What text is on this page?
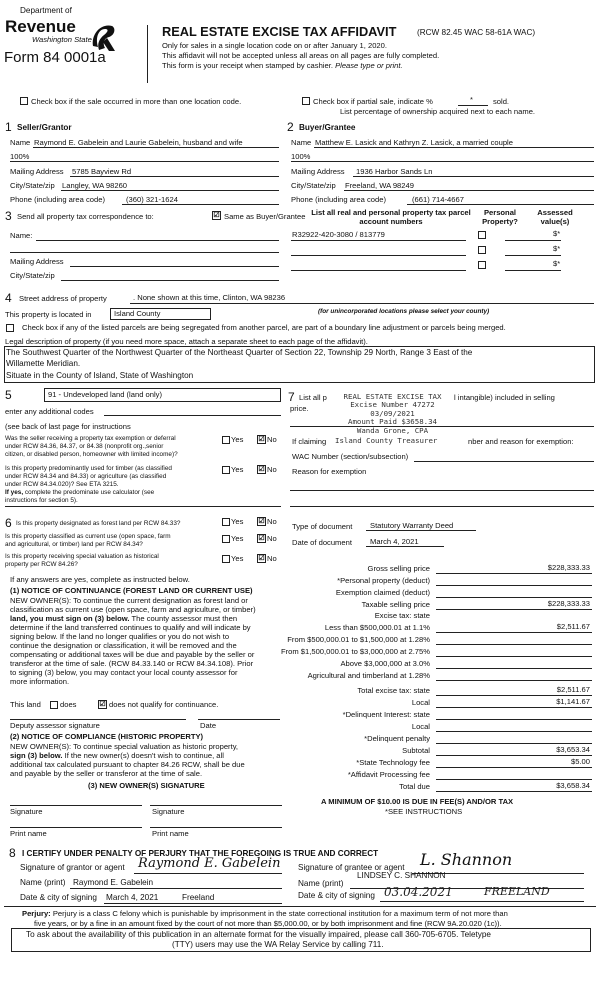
Department of
Revenue
Washington State
Form 84 0001a
REAL ESTATE EXCISE TAX AFFIDAVIT	(RCW 82.45 WAC 58-61A WAC)
Only for sales in a single location code on or after January 1, 2020.
This affidavit will not be accepted unless all areas on all pages are fully completed.
This form is your receipt when stamped by cashier. Please type or print.
Check box if the sale occurred in more than one location code.	Check box if partial sale, indicate %	*	sold.
List percentage of ownership acquired next to each name.
1 Seller/Grantor
Name Raymond E. Gabelein and Laurie Gabelein, husband and wife
100%
Mailing Address 5785 Bayview Rd
City/State/zip Langley, WA 98260
Phone (including area code)	(360) 321-1624
2 Buyer/Grantee
Name Matthew E. Lasick and Kathryn Z. Lasick, a married couple
100%
Mailing Address 1936 Harbor Sands Ln
City/State/zip Freeland, WA 98249
Phone (including area code)	(661) 714-4667
3 Send all property tax correspondence to:	☑ Same as Buyer/Grantee
Name:
Mailing Address
City/State/zip
List all real and personal property tax parcel account numbers
Personal Property?
Assessed value(s)
R32922-420-3080 / 813779	$*
$*
$*
4 Street address of property	. None shown at this time, Clinton, WA 98236
This property is located in	Island County	(for unincorporated locations please select your county)
Check box if any of the listed parcels are being segregated from another parcel, are part of a boundary line adjustment or parcels being merged.
Legal description of property (if you need more space, attach a separate sheet to each page of the affidavit).
The Southwest Quarter of the Northwest Quarter of the Northeast Quarter of Section 22, Township 29 North, Range 3 East of the
Willamette Meridian.
Situate in the County of Island, State of Washington
5	91 - Undeveloped land (land only)
enter any additional codes
(see back of last page for instructions
Was the seller receiving a property tax exemption or deferral
under RCW 84.36, 84.37, or 84.38 (nonprofit org.,senior
citizen, or disabled person, homeowner with limited income)?
Yes ☑ No
Is this property predominantly used for timber (as classified
under RCW 84.34 and 84.33) or agriculture (as classified
under RCW 84.34.020)? See ETA 3215.
If yes, complete the predominate use calculator (see
instructions for section 5).
Yes ☑ No
6 Is this property designated as forest land per RCW 84.33?	Yes ☑ No
Is this property classified as current use (open space, farm
and agricultural, or timber) land per RCW 84.34?
Yes ☑ No
Is this property receiving special valuation as historical
property per RCW 84.26?
Yes ☑ No
If any answers are yes, complete as instructed below.
(1) NOTICE OF CONTINUANCE (FOREST LAND OR CURRENT USE)
NEW OWNER(S): To continue the current designation as forest land or
classification as current use (open space, farm and agriculture, or timber)
land, you must sign on (3) below. The county assessor must then
determine if the land transferred continues to qualify and will indicate by
signing below. If the land no longer qualifies or you do not wish to
continue the designation or classification, it will be removed and the
compensating or additional taxes will be due and payable by the seller or
transferor at the time of sale. (RCW 84.33.140 or RCW 84.34.108). Prior
to signing (3) below, you may contact your local county assessor for
more information.
This land	does	☑ does not qualify for continuance.
Deputy assessor signature	Date
(2) NOTICE OF COMPLIANCE (HISTORIC PROPERTY)
NEW OWNER(S): To continue special valuation as historic property,
sign (3) below. If the new owner(s) doesn't wish to continue, all
additional tax calculated pursuant to chapter 84.26 RCW, shall be due
and payable by the seller or transferor at the time of sale.
(3) NEW OWNER(S) SIGNATURE
Signature	Signature
Print name	Print name
7 List all p	l intangible) included in selling
price.
REAL ESTATE EXCISE TAX
Excise Number 47272
03/09/2021
Amount Paid $3658.34
Wanda Grone, CPA
If claiming Island County Treasurer	nber and reason for exemption:
WAC Number (section/subsection)
Reason for exemption
Type of document Statutory Warranty Deed
Date of document March 4, 2021
Gross selling price	$228,333.33
*Personal property (deduct)
Exemption claimed (deduct)
Taxable selling price	$228,333.33
Excise tax: state
Less than $500,000.01 at 1.1%	$2,511.67
From $500,000.01 to $1,500,000 at 1.28%
From $1,500,000.01 to $3,000,000 at 2.75%
Above $3,000,000 at 3.0%
Agricultural and timberland at 1.28%
Total excise tax: state	$2,511.67
Local	$1,141.67
*Delinquent Interest: state
Local
*Delinquent penalty
Subtotal	$3,653.34
*State Technology fee	$5.00
*Affidavit Processing fee
Total due	$3,658.34
A MINIMUM OF $10.00 IS DUE IN FEE(S) AND/OR TAX
*SEE INSTRUCTIONS
8 I CERTIFY UNDER PENALTY OF PERJURY THAT THE FOREGOING IS TRUE AND CORRECT
Signature of grantor or agent Raymond E. Gabelein
Name (print) Raymond E. Gabelein
Date & city of signing March 4, 2021	Freeland
Signature of grantee or agent L. Shannon
Name (print)
LINDSEY C. SHANNON
Date & city of signing 03.04.2021	FREELAND
Perjury: Perjury is a class C felony which is punishable by imprisonment in the state correctional institution for a maximum term of not more than
five years, or by a fine in an amount fixed by the court of not more than $5,000.00, or by both imprisonment and fine (RCW 9A.20.020 (1c)).
To ask about the availability of this publication in an alternate format for the visually impaired, please call 360-705-6705. Teletype
(TTY) users may use the WA Relay Service by calling 711.
